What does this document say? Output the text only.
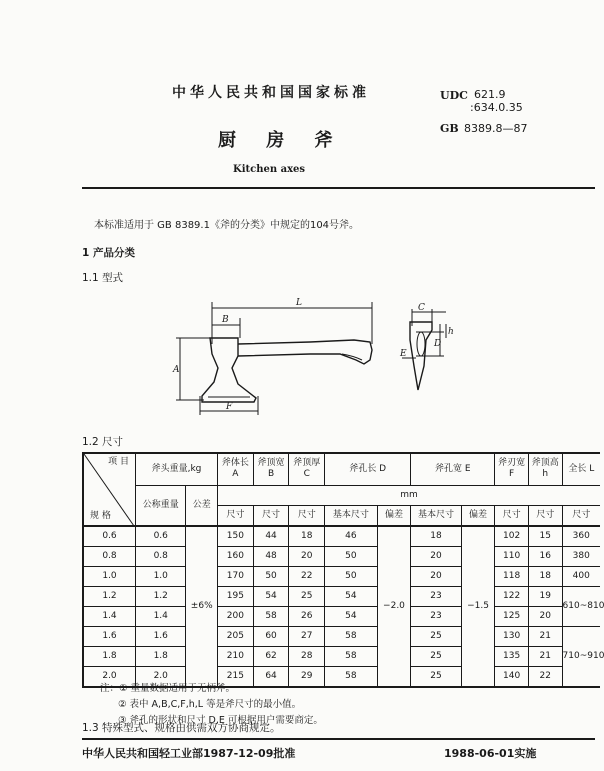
中华人民共和国国家标准
厨 房 斧
Kitchen axes
UDC 621.9
:634.0.35
GB 8389.8—87
本标准适用于 GB 8389.1《斧的分类》中规定的104号斧。
1 产品分类
1.1 型式
L
B
A
F
C
D
h
E
1.2 尺寸
项 目
规 格	斧头重量,kg		斧体长 A	斧顶宽 B	斧顶厚 C	斧孔长 D		斧孔宽 E		斧刃宽 F	斧顶高 h	全长 L
	公称重量	公差	mm									
			尺寸	尺寸	尺寸	基本尺寸	偏差	基本尺寸	偏差	尺寸	尺寸	尺寸
0.6	0.6	±6%	150	44	18	46	−2.0	18	−1.5	102	15	360
0.8	0.8		160	48	20	50		20		110	16	380
1.0	1.0		170	50	22	50		20		118	18	400
1.2	1.2		195	54	25	54		23		122	19	610~810
1.4	1.4		200	58	26	54		23		125	20	
1.6	1.6		205	60	27	58		25		130	21	710~910
1.8	1.8		210	62	28	58		25		135	21	
2.0	2.0		215	64	29	58		25		140	22	
注：① 重量数据适用于无柄斧。
② 表中 A,B,C,F,h,L 等是斧尺寸的最小值。
③ 斧孔的形状和尺寸 D,E 可根据用户需要商定。
1.3 特殊型式、规格由供需双方协商规定。
中华人民共和国轻工业部1987-12-09批准	1988-06-01实施
